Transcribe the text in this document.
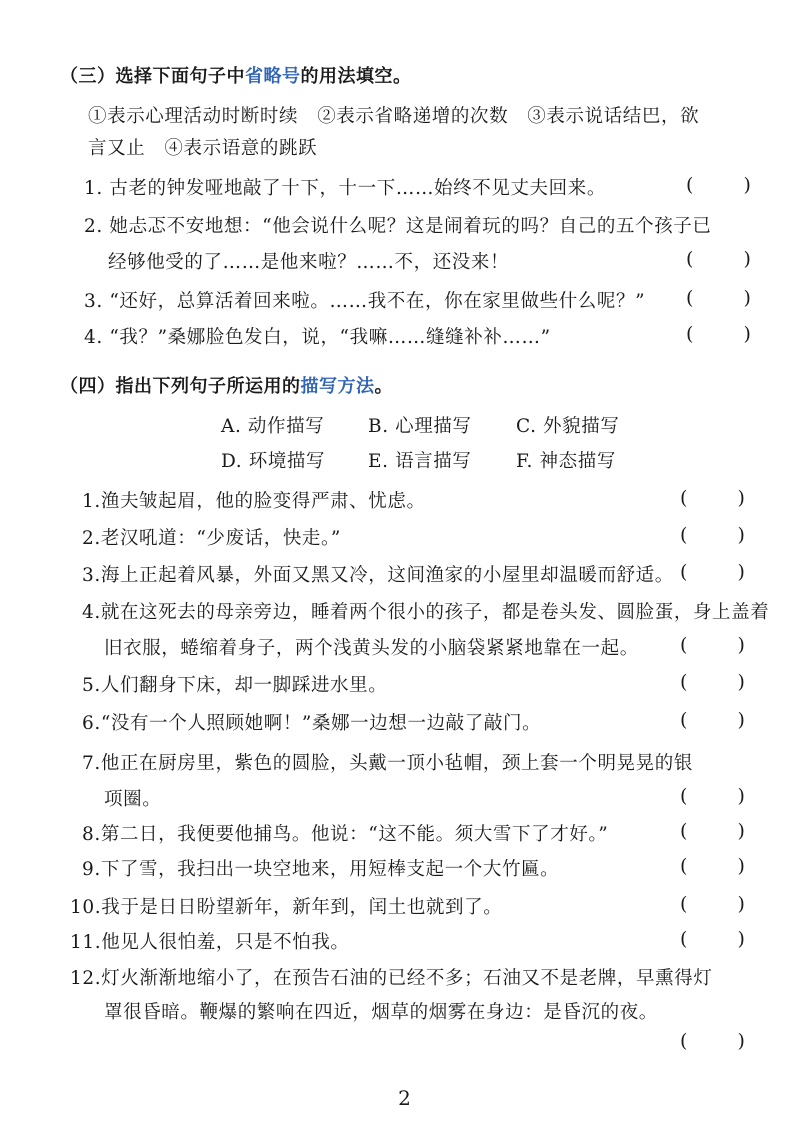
（三）选择下面句子中省略号的用法填空。
①表示心理活动时断时续　②表示省略递增的次数　③表示说话结巴，欲
言又止　④表示语意的跳跃
1. 古老的钟发哑地敲了十下，十一下……始终不见丈夫回来。	( )
2. 她忐忑不安地想：“他会说什么呢？这是闹着玩的吗？自己的五个孩子已
经够他受的了……是他来啦？……不，还没来！	( )
3. “还好，总算活着回来啦。……我不在，你在家里做些什么呢？” ( )
4. “我？”桑娜脸色发白，说，“我嘛……缝缝补补……”	( )
（四）指出下列句子所运用的描写方法。
A. 动作描写 B. 心理描写 C. 外貌描写
D. 环境描写 E. 语言描写 F. 神态描写
1.渔夫皱起眉，他的脸变得严肃、忧虑。	( )
2.老汉吼道：“少废话，快走。”	( )
3.海上正起着风暴，外面又黑又冷，这间渔家的小屋里却温暖而舒适。 ( )
4.就在这死去的母亲旁边，睡着两个很小的孩子，都是卷头发、圆脸蛋，身上盖着
旧衣服，蜷缩着身子，两个浅黄头发的小脑袋紧紧地靠在一起。 ( )
5.人们翻身下床，却一脚踩进水里。	( )
6.“没有一个人照顾她啊！”桑娜一边想一边敲了敲门。	( )
7.他正在厨房里，紫色的圆脸，头戴一顶小毡帽，颈上套一个明晃晃的银
项圈。	( )
8.第二日，我便要他捕鸟。他说：“这不能。须大雪下了才好。”	( )
9.下了雪，我扫出一块空地来，用短棒支起一个大竹匾。	( )
10.我于是日日盼望新年，新年到，闰土也就到了。	( )
11.他见人很怕羞，只是不怕我。	( )
12.灯火渐渐地缩小了，在预告石油的已经不多；石油又不是老牌，早熏得灯
罩很昏暗。鞭爆的繁响在四近，烟草的烟雾在身边：是昏沉的夜。
( )
2
